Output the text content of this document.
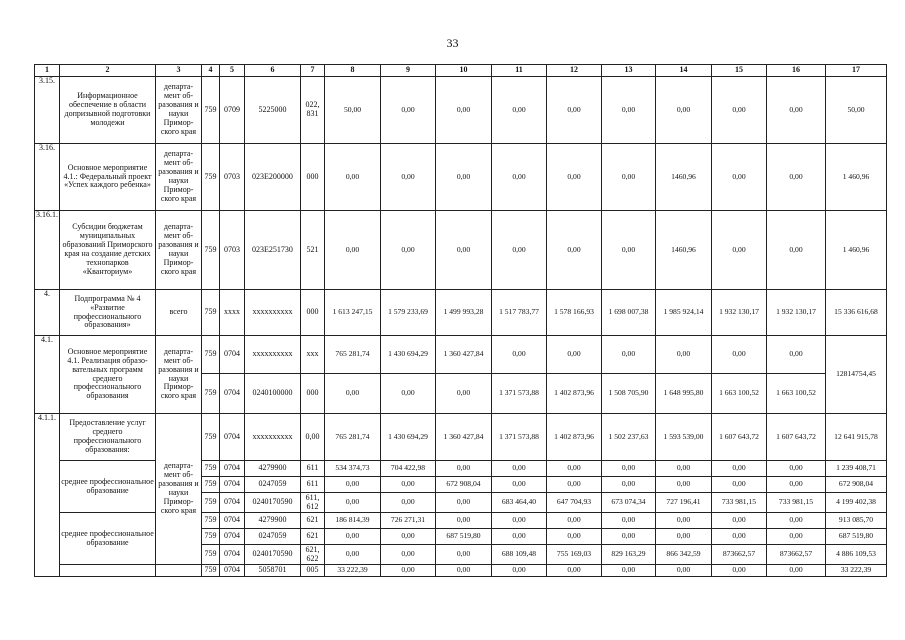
33
1	2	3	4	5	6	7	8	9	10	11	12	13	14	15	16	17
3.15.	Информационное обеспечение в области допризывной подготовки молодежи	департа-мент об-разования и науки Примор-ского края	759	0709	5225000	022, 831	50,00	0,00	0,00	0,00	0,00	0,00	0,00	0,00	0,00	50,00
3.16.	Основное мероприятие 4.1.: Федеральный проект «Успех каждого ребенка»	департа-мент об-разования и науки Примор-ского края	759	0703	023Е200000	000	0,00	0,00	0,00	0,00	0,00	0,00	1460,96	0,00	0,00	1 460,96
3.16.1.	Субсидии бюджетам муниципальных образований Приморского края на создание детских технопарков «Кванториум»	департа-мент об-разования и науки Примор-ского края	759	0703	023Е251730	521	0,00	0,00	0,00	0,00	0,00	0,00	1460,96	0,00	0,00	1 460,96
4.	Подпрограмма № 4 «Развитие профессионального образования»	всего	759	хххх	хххххххххх	000	1 613 247,15	1 579 233,69	1 499 993,28	1 517 783,77	1 578 166,93	1 698 007,38	1 985 924,14	1 932 130,17	1 932 130,17	15 336 616,68
4.1.	Основное мероприятие 4.1. Реализация образо-вательных программ среднего профессионального образования	департа-мент об-разования и науки Примор-ского края	759	0704	хххххххххх	ххх	765 281,74	1 430 694,29	1 360 427,84	0,00	0,00	0,00	0,00	0,00	0,00	12814754,45
			759	0704	0240100000	000	0,00	0,00	0,00	1 371 573,88	1 402 873,96	1 508 705,90	1 648 995,80	1 663 100,52	1 663 100,52	
4.1.1.	Предоставление услуг среднего профессионального образования:	департа-мент об-разования и науки Примор-ского края	759	0704	хххххххххх	0,00	765 281,74	1 430 694,29	1 360 427,84	1 371 573,88	1 402 873,96	1 502 237,63	1 593 539,00	1 607 643,72	1 607 643,72	12 641 915,78
	среднее профессиональное образование		759	0704	4279900	611	534 374,73	704 422,98	0,00	0,00	0,00	0,00	0,00	0,00	0,00	1 239 408,71
			759	0704	0247059	611	0,00	0,00	672 908,04	0,00	0,00	0,00	0,00	0,00	0,00	672 908,04
			759	0704	0240170590	611, 612	0,00	0,00	0,00	683 464,40	647 704,93	673 074,34	727 196,41	733 981,15	733 981,15	4 199 402,38
	среднее профессиональное образование		759	0704	4279900	621	186 814,39	726 271,31	0,00	0,00	0,00	0,00	0,00	0,00	0,00	913 085,70
			759	0704	0247059	621	0,00	0,00	687 519,80	0,00	0,00	0,00	0,00	0,00	0,00	687 519,80
			759	0704	0240170590	621, 622	0,00	0,00	0,00	688 109,48	755 169,03	829 163,29	866 342,59	873662,57	873662,57	4 886 109,53
			759	0704	5058701	005	33 222,39	0,00	0,00	0,00	0,00	0,00	0,00	0,00	0,00	33 222,39
